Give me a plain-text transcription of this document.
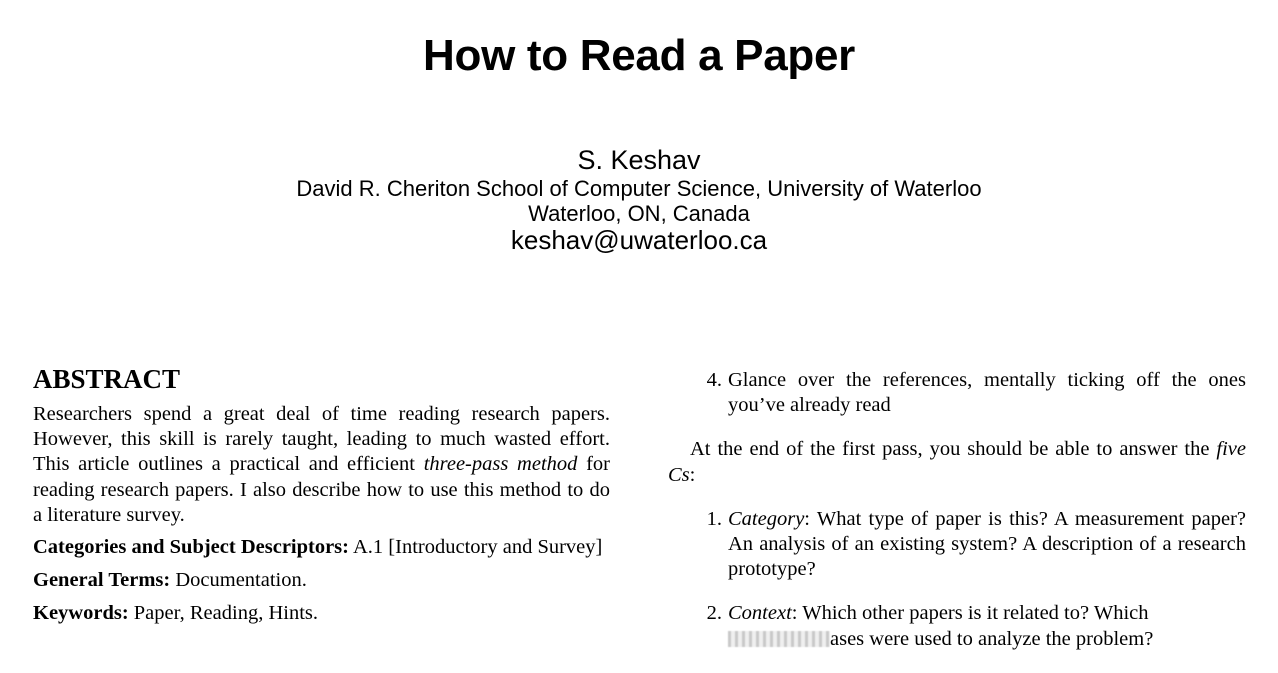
How to Read a Paper
S. Keshav
David R. Cheriton School of Computer Science, University of Waterloo
Waterloo, ON, Canada
keshav@uwaterloo.ca
ABSTRACT

Researchers spend a great deal of time reading research papers. However, this skill is rarely taught, leading to much wasted effort. This article outlines a practical and efficient three-pass method for reading research papers. I also describe how to use this method to do a literature survey.

Categories and Subject Descriptors: A.1 [Introductory and Survey]

General Terms: Documentation.

Keywords: Paper, Reading, Hints.

4. Glance over the references, mentally ticking off the ones you’ve already read

At the end of the first pass, you should be able to answer the five Cs:

1. Category: What type of paper is this? A measurement paper? An analysis of an existing system? A description of a research prototype?
2. Context: Which other papers is it related to? Which
ases were used to analyze the problem?
